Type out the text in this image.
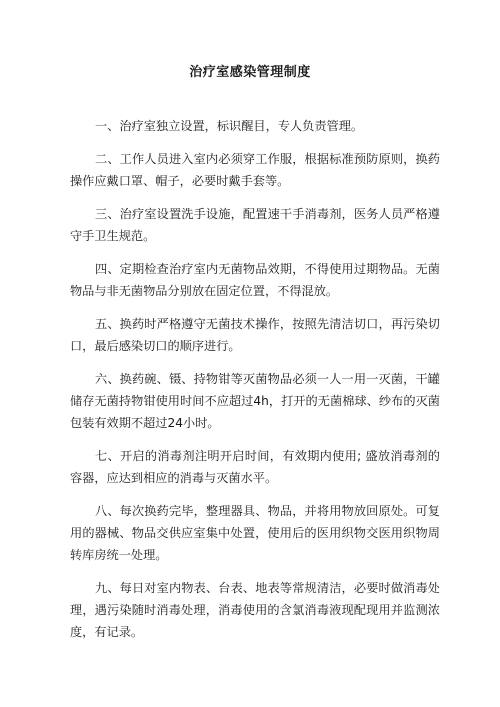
治疗室感染管理制度

一、治疗室独立设置，标识醒目，专人负责管理。

二、工作人员进入室内必须穿工作服，根据标准预防原则，换药操作应戴口罩、帽子，必要时戴手套等。

三、治疗室设置洗手设施，配置速干手消毒剂，医务人员严格遵守手卫生规范。

四、定期检查治疗室内无菌物品效期，不得使用过期物品。无菌物品与非无菌物品分别放在固定位置，不得混放。

五、换药时严格遵守无菌技术操作，按照先清洁切口，再污染切口，最后感染切口的顺序进行。

六、换药碗、镊、持物钳等灭菌物品必须一人一用一灭菌，干罐储存无菌持物钳使用时间不应超过4h，打开的无菌棉球、纱布的灭菌包装有效期不超过24小时。

七、开启的消毒剂注明开启时间，有效期内使用; 盛放消毒剂的容器，应达到相应的消毒与灭菌水平。

八、每次换药完毕，整理器具、物品，并将用物放回原处。可复用的器械、物品交供应室集中处置，使用后的医用织物交医用织物周转库房统一处理。

九、每日对室内物表、台表、地表等常规清洁，必要时做消毒处理，遇污染随时消毒处理，消毒使用的含氯消毒液现配现用并监测浓度，有记录。
